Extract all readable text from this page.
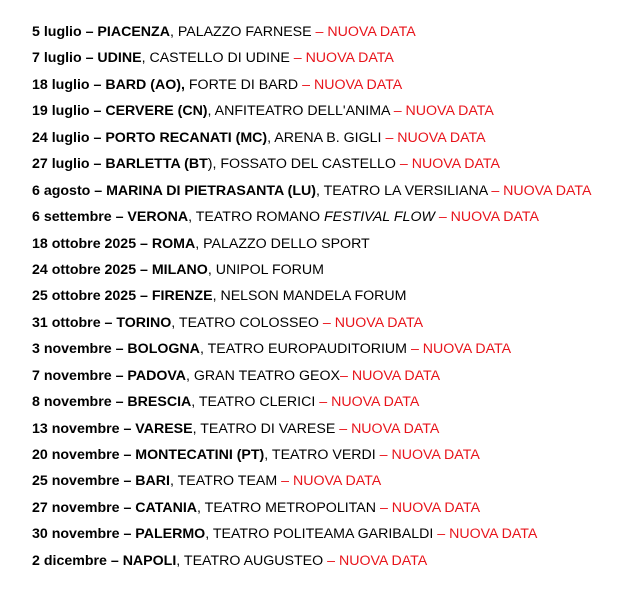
5 luglio – PIACENZA, PALAZZO FARNESE – NUOVA DATA
7 luglio – UDINE, CASTELLO DI UDINE – NUOVA DATA
18 luglio – BARD (AO), FORTE DI BARD – NUOVA DATA
19 luglio – CERVERE (CN), ANFITEATRO DELL'ANIMA – NUOVA DATA
24 luglio – PORTO RECANATI (MC), ARENA B. GIGLI – NUOVA DATA
27 luglio – BARLETTA (BT), FOSSATO DEL CASTELLO – NUOVA DATA
6 agosto – MARINA DI PIETRASANTA (LU), TEATRO LA VERSILIANA – NUOVA DATA
6 settembre – VERONA, TEATRO ROMANO FESTIVAL FLOW – NUOVA DATA
18 ottobre 2025 – ROMA, PALAZZO DELLO SPORT
24 ottobre 2025 – MILANO, UNIPOL FORUM
25 ottobre 2025 – FIRENZE, NELSON MANDELA FORUM
31 ottobre – TORINO, TEATRO COLOSSEO – NUOVA DATA
3 novembre – BOLOGNA, TEATRO EUROPAUDITORIUM – NUOVA DATA
7 novembre – PADOVA, GRAN TEATRO GEOX– NUOVA DATA
8 novembre – BRESCIA, TEATRO CLERICI – NUOVA DATA
13 novembre – VARESE, TEATRO DI VARESE – NUOVA DATA
20 novembre – MONTECATINI (PT), TEATRO VERDI – NUOVA DATA
25 novembre – BARI, TEATRO TEAM – NUOVA DATA
27 novembre – CATANIA, TEATRO METROPOLITAN – NUOVA DATA
30 novembre – PALERMO, TEATRO POLITEAMA GARIBALDI – NUOVA DATA
2 dicembre – NAPOLI, TEATRO AUGUSTEO – NUOVA DATA
